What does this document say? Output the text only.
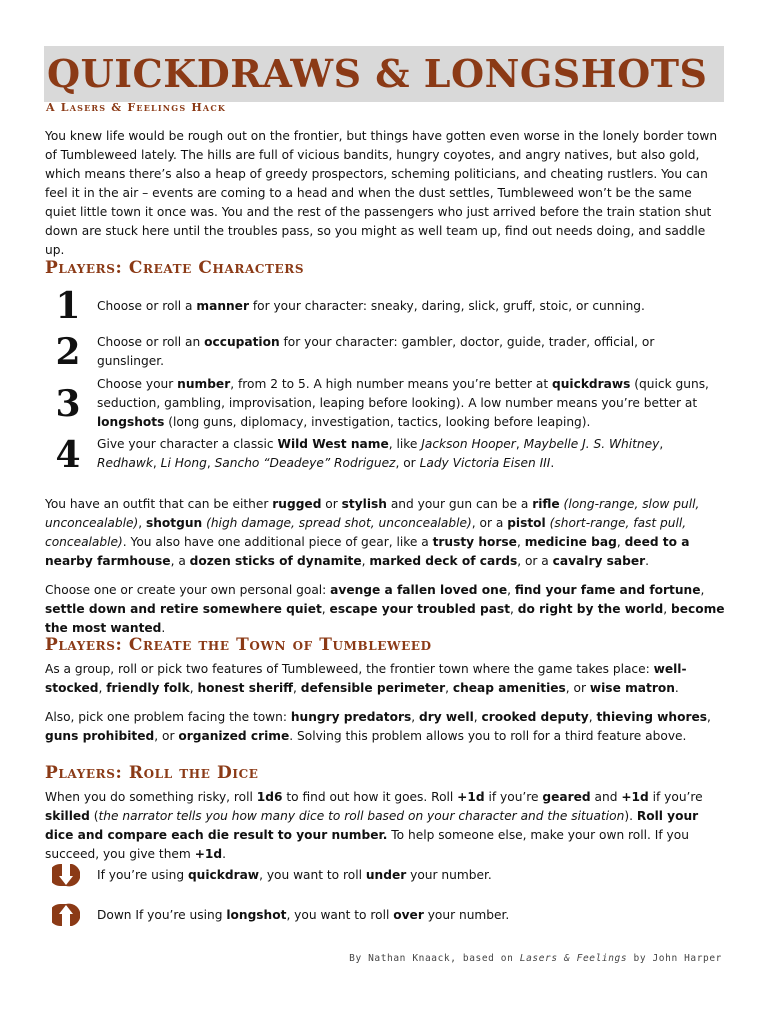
QUICKDRAWS & LONGSHOTS
A Lasers & Feelings Hack

You knew life would be rough out on the frontier, but things have gotten even worse in the lonely border town of Tumbleweed lately. The hills are full of vicious bandits, hungry coyotes, and angry natives, but also gold, which means there’s also a heap of greedy prospectors, scheming politicians, and cheating rustlers. You can feel it in the air – events are coming to a head and when the dust settles, Tumbleweed won’t be the same quiet little town it once was. You and the rest of the passengers who just arrived before the train station shut down are stuck here until the troubles pass, so you might as well team up, find out needs doing, and saddle up.

Players: Create Characters
1 Choose or roll a manner for your character: sneaky, daring, slick, gruff, stoic, or cunning.

2 Choose or roll an occupation for your character: gambler, doctor, guide, trader, official, or gunslinger.

3 Choose your number, from 2 to 5. A high number means you’re better at quickdraws (quick guns, seduction, gambling, improvisation, leaping before looking). A low number means you’re better at longshots (long guns, diplomacy, investigation, tactics, looking before leaping).

4 Give your character a classic Wild West name, like Jackson Hooper, Maybelle J. S. Whitney, Redhawk, Li Hong, Sancho “Deadeye” Rodriguez, or Lady Victoria Eisen III.

You have an outfit that can be either rugged or stylish and your gun can be a rifle (long-range, slow pull, unconcealable), shotgun (high damage, spread shot, unconcealable), or a pistol (short-range, fast pull, concealable). You also have one additional piece of gear, like a trusty horse, medicine bag, deed to a nearby farmhouse, a dozen sticks of dynamite, marked deck of cards, or a cavalry saber.

Choose one or create your own personal goal: avenge a fallen loved one, find your fame and fortune, settle down and retire somewhere quiet, escape your troubled past, do right by the world, become the most wanted.

Players: Create the Town of Tumbleweed

As a group, roll or pick two features of Tumbleweed, the frontier town where the game takes place: well-stocked, friendly folk, honest sheriff, defensible perimeter, cheap amenities, or wise matron.

Also, pick one problem facing the town: hungry predators, dry well, crooked deputy, thieving whores, guns prohibited, or organized crime. Solving this problem allows you to roll for a third feature above.

Players: Roll the Dice

When you do something risky, roll 1d6 to find out how it goes. Roll +1d if you’re geared and +1d if you’re skilled (the narrator tells you how many dice to roll based on your character and the situation). Roll your dice and compare each die result to your number. To help someone else, make your own roll. If you succeed, you give them +1d.

If you’re using quickdraw, you want to roll under your number.

Down If you’re using longshot, you want to roll over your number.

By Nathan Knaack, based on Lasers & Feelings by John Harper
